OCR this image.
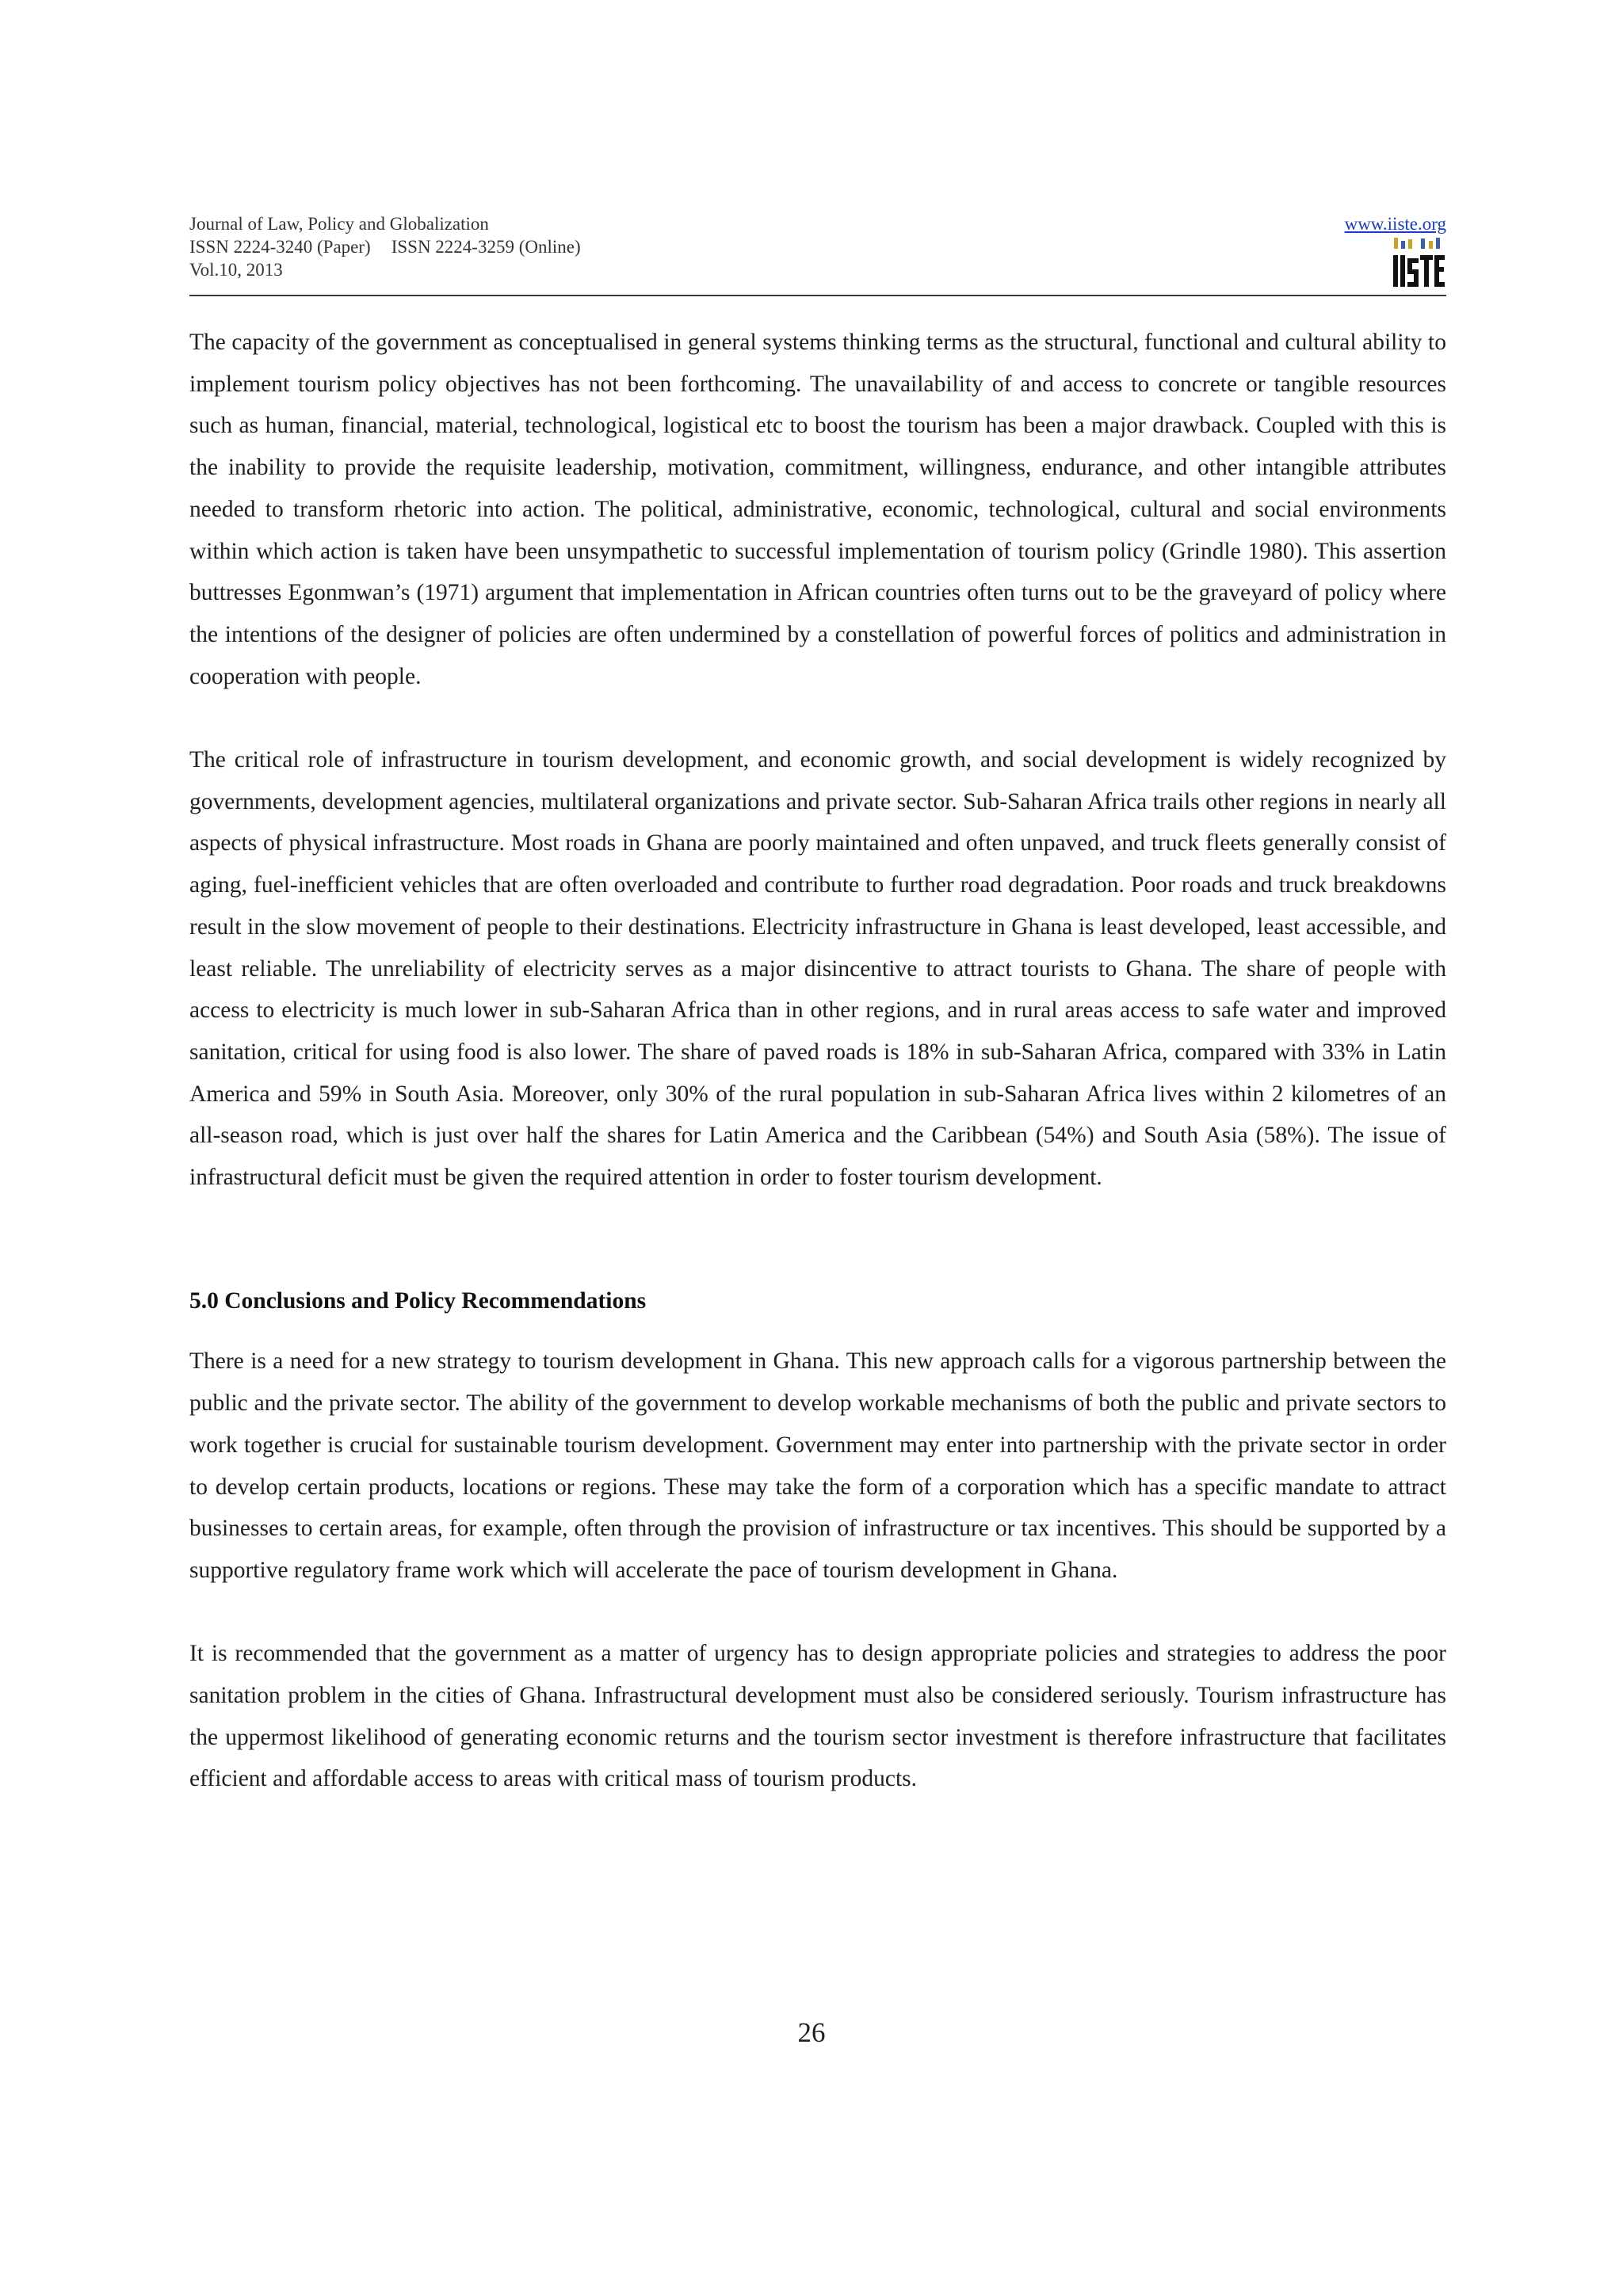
Journal of Law, Policy and Globalization
ISSN 2224-3240 (Paper) ISSN 2224-3259 (Online)
Vol.10, 2013
www.iiste.org

The capacity of the government as conceptualised in general systems thinking terms as the structural, functional and cultural ability to implement tourism policy objectives has not been forthcoming. The unavailability of and access to concrete or tangible resources such as human, financial, material, technological, logistical etc to boost the tourism has been a major drawback. Coupled with this is the inability to provide the requisite leadership, motivation, commitment, willingness, endurance, and other intangible attributes needed to transform rhetoric into action. The political, administrative, economic, technological, cultural and social environments within which action is taken have been unsympathetic to successful implementation of tourism policy (Grindle 1980). This assertion buttresses Egonmwan’s (1971) argument that implementation in African countries often turns out to be the graveyard of policy where the intentions of the designer of policies are often undermined by a constellation of powerful forces of politics and administration in cooperation with people.

The critical role of infrastructure in tourism development, and economic growth, and social development is widely recognized by governments, development agencies, multilateral organizations and private sector. Sub-Saharan Africa trails other regions in nearly all aspects of physical infrastructure. Most roads in Ghana are poorly maintained and often unpaved, and truck fleets generally consist of aging, fuel-inefficient vehicles that are often overloaded and contribute to further road degradation. Poor roads and truck breakdowns result in the slow movement of people to their destinations. Electricity infrastructure in Ghana is least developed, least accessible, and least reliable. The unreliability of electricity serves as a major disincentive to attract tourists to Ghana. The share of people with access to electricity is much lower in sub-Saharan Africa than in other regions, and in rural areas access to safe water and improved sanitation, critical for using food is also lower. The share of paved roads is 18% in sub-Saharan Africa, compared with 33% in Latin America and 59% in South Asia. Moreover, only 30% of the rural population in sub-Saharan Africa lives within 2 kilometres of an all-season road, which is just over half the shares for Latin America and the Caribbean (54%) and South Asia (58%). The issue of infrastructural deficit must be given the required attention in order to foster tourism development.

5.0 Conclusions and Policy Recommendations

There is a need for a new strategy to tourism development in Ghana. This new approach calls for a vigorous partnership between the public and the private sector. The ability of the government to develop workable mechanisms of both the public and private sectors to work together is crucial for sustainable tourism development. Government may enter into partnership with the private sector in order to develop certain products, locations or regions. These may take the form of a corporation which has a specific mandate to attract businesses to certain areas, for example, often through the provision of infrastructure or tax incentives. This should be supported by a supportive regulatory frame work which will accelerate the pace of tourism development in Ghana.

It is recommended that the government as a matter of urgency has to design appropriate policies and strategies to address the poor sanitation problem in the cities of Ghana. Infrastructural development must also be considered seriously. Tourism infrastructure has the uppermost likelihood of generating economic returns and the tourism sector investment is therefore infrastructure that facilitates efficient and affordable access to areas with critical mass of tourism products.

26
